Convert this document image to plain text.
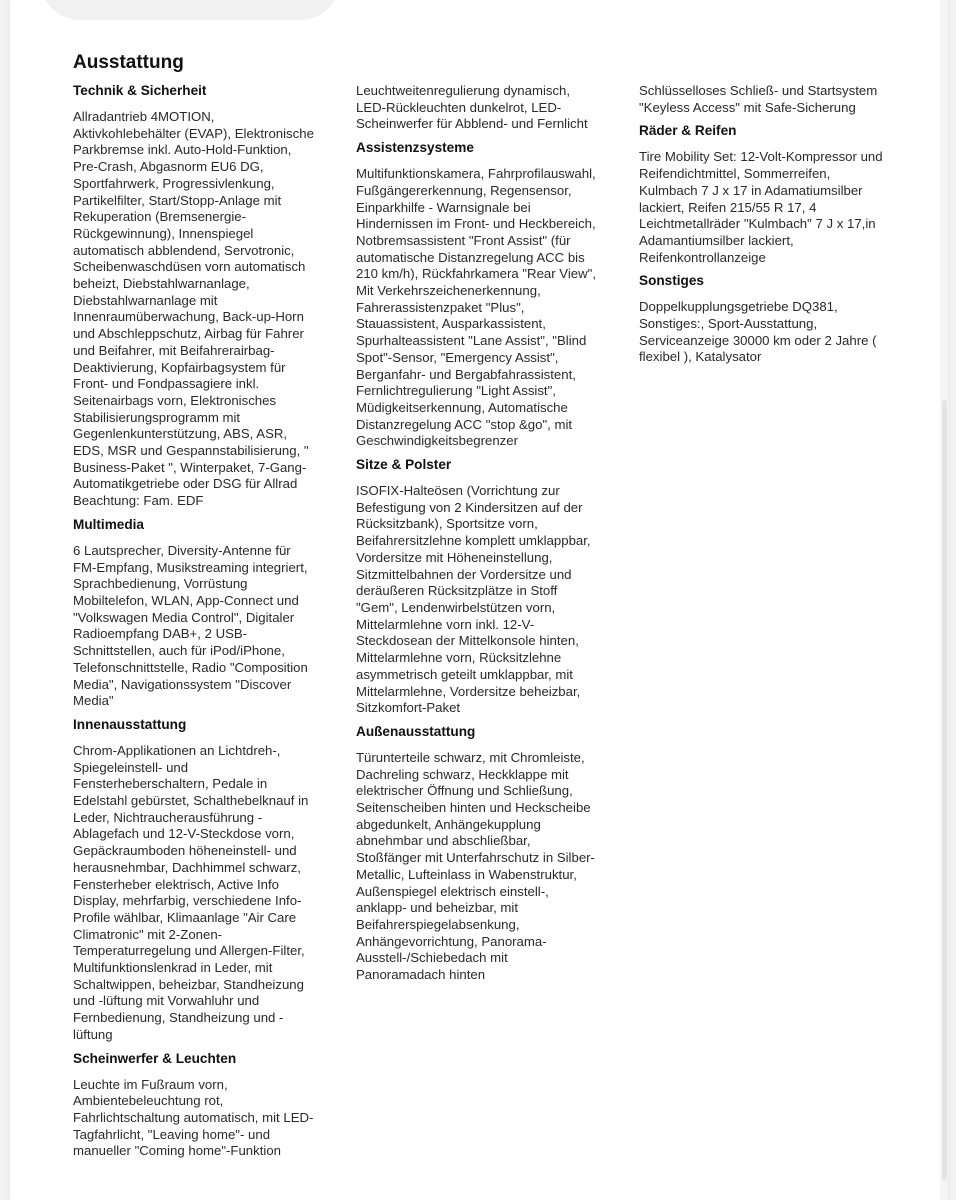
Ausstattung
Technik & Sicherheit
Allradantrieb 4MOTION,
Aktivkohlebehälter (EVAP), Elektronische
Parkbremse inkl. Auto-Hold-Funktion,
Pre-Crash, Abgasnorm EU6 DG,
Sportfahrwerk, Progressivlenkung,
Partikelfilter, Start/Stopp-Anlage mit
Rekuperation (Bremsenergie-
Rückgewinnung), Innenspiegel
automatisch abblendend, Servotronic,
Scheibenwaschdüsen vorn automatisch
beheizt, Diebstahlwarnanlage,
Diebstahlwarnanlage mit
Innenraumüberwachung, Back-up-Horn
und Abschleppschutz, Airbag für Fahrer
und Beifahrer, mit Beifahrerairbag-
Deaktivierung, Kopfairbagsystem für
Front- und Fondpassagiere inkl.
Seitenairbags vorn, Elektronisches
Stabilisierungsprogramm mit
Gegenlenkunterstützung, ABS, ASR,
EDS, MSR und Gespannstabilisierung, "
Business-Paket ", Winterpaket, 7-Gang-
Automatikgetriebe oder DSG für Allrad
Beachtung: Fam. EDF
Multimedia
6 Lautsprecher, Diversity-Antenne für
FM-Empfang, Musikstreaming integriert,
Sprachbedienung, Vorrüstung
Mobiltelefon, WLAN, App-Connect und
"Volkswagen Media Control", Digitaler
Radioempfang DAB+, 2 USB-
Schnittstellen, auch für iPod/iPhone,
Telefonschnittstelle, Radio "Composition
Media", Navigationssystem "Discover
Media"
Innenausstattung
Chrom-Applikationen an Lichtdreh-,
Spiegeleinstell- und
Fensterheberschaltern, Pedale in
Edelstahl gebürstet, Schalthebelknauf in
Leder, Nichtraucherausführung -
Ablagefach und 12-V-Steckdose vorn,
Gepäckraumboden höheneinstell- und
herausnehmbar, Dachhimmel schwarz,
Fensterheber elektrisch, Active Info
Display, mehrfarbig, verschiedene Info-
Profile wählbar, Klimaanlage "Air Care
Climatronic" mit 2-Zonen-
Temperaturregelung und Allergen-Filter,
Multifunktionslenkrad in Leder, mit
Schaltwippen, beheizbar, Standheizung
und -lüftung mit Vorwahluhr und
Fernbedienung, Standheizung und -
lüftung
Scheinwerfer & Leuchten
Leuchte im Fußraum vorn,
Ambientebeleuchtung rot,
Fahrlichtschaltung automatisch, mit LED-
Tagfahrlicht, "Leaving home"- und
manueller "Coming home"-Funktion
Leuchtweitenregulierung dynamisch,
LED-Rückleuchten dunkelrot, LED-
Scheinwerfer für Abblend- und Fernlicht
Assistenzsysteme
Multifunktionskamera, Fahrprofilauswahl,
Fußgängererkennung, Regensensor,
Einparkhilfe - Warnsignale bei
Hindernissen im Front- und Heckbereich,
Notbremsassistent "Front Assist" (für
automatische Distanzregelung ACC bis
210 km/h), Rückfahrkamera "Rear View",
Mit Verkehrszeichenerkennung,
Fahrerassistenzpaket "Plus",
Stauassistent, Ausparkassistent,
Spurhalteassistent "Lane Assist", "Blind
Spot"-Sensor, "Emergency Assist",
Berganfahr- und Bergabfahrassistent,
Fernlichtregulierung "Light Assist",
Müdigkeitserkennung, Automatische
Distanzregelung ACC "stop &go", mit
Geschwindigkeitsbegrenzer
Sitze & Polster
ISOFIX-Halteösen (Vorrichtung zur
Befestigung von 2 Kindersitzen auf der
Rücksitzbank), Sportsitze vorn,
Beifahrersitzlehne komplett umklappbar,
Vordersitze mit Höheneinstellung,
Sitzmittelbahnen der Vordersitze und
deräußeren Rücksitzplätze in Stoff
"Gem", Lendenwirbelstützen vorn,
Mittelarmlehne vorn inkl. 12-V-
Steckdosean der Mittelkonsole hinten,
Mittelarmlehne vorn, Rücksitzlehne
asymmetrisch geteilt umklappbar, mit
Mittelarmlehne, Vordersitze beheizbar,
Sitzkomfort-Paket
Außenausstattung
Türunterteile schwarz, mit Chromleiste,
Dachreling schwarz, Heckklappe mit
elektrischer Öffnung und Schließung,
Seitenscheiben hinten und Heckscheibe
abgedunkelt, Anhängekupplung
abnehmbar und abschließbar,
Stoßfänger mit Unterfahrschutz in Silber-
Metallic, Lufteinlass in Wabenstruktur,
Außenspiegel elektrisch einstell-,
anklapp- und beheizbar, mit
Beifahrerspiegelabsenkung,
Anhängevorrichtung, Panorama-
Ausstell-/Schiebedach mit
Panoramadach hinten
Schlüsselloses Schließ- und Startsystem
"Keyless Access" mit Safe-Sicherung
Räder & Reifen
Tire Mobility Set: 12-Volt-Kompressor und
Reifendichtmittel, Sommerreifen,
Kulmbach 7 J x 17 in Adamatiumsilber
lackiert, Reifen 215/55 R 17, 4
Leichtmetallräder "Kulmbach" 7 J x 17,in
Adamantiumsilber lackiert,
Reifenkontrollanzeige
Sonstiges
Doppelkupplungsgetriebe DQ381,
Sonstiges:, Sport-Ausstattung,
Serviceanzeige 30000 km oder 2 Jahre (
flexibel ), Katalysator
